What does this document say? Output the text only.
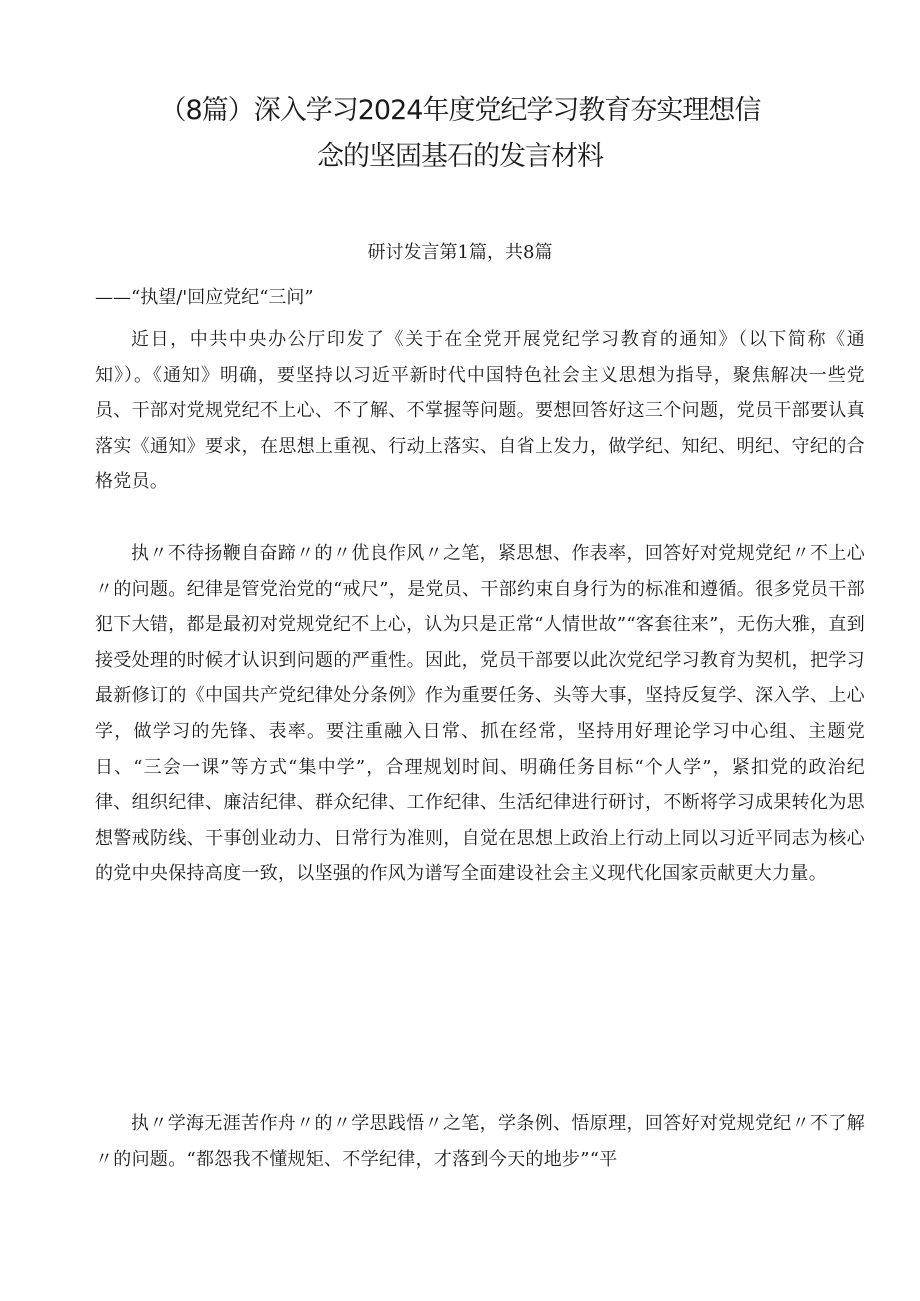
（8篇）深入学习2024年度党纪学习教育夯实理想信
念的坚固基石的发言材料

研讨发言第1篇，共8篇

——“执望/'回应党纪“三问”

近日，中共中央办公厅印发了《关于在全党开展党纪学习教育的通知》（以下简称《通知》）。《通知》明确，要坚持以习近平新时代中国特色社会主义思想为指导，聚焦解决一些党员、干部对党规党纪不上心、不了解、不掌握等问题。要想回答好这三个问题，党员干部要认真落实《通知》要求，在思想上重视、行动上落实、自省上发力，做学纪、知纪、明纪、守纪的合格党员。

执〃不待扬鞭自奋蹄〃的〃优良作风〃之笔，紧思想、作表率，回答好对党规党纪〃不上心〃的问题。纪律是管党治党的“戒尺”，是党员、干部约束自身行为的标准和遵循。很多党员干部犯下大错，都是最初对党规党纪不上心，认为只是正常“人情世故”“客套往来”，无伤大雅，直到接受处理的时候才认识到问题的严重性。因此，党员干部要以此次党纪学习教育为契机，把学习最新修订的《中国共产党纪律处分条例》作为重要任务、头等大事，坚持反复学、深入学、上心学，做学习的先锋、表率。要注重融入日常、抓在经常，坚持用好理论学习中心组、主题党日、“三会一课”等方式“集中学”，合理规划时间、明确任务目标“个人学”，紧扣党的政治纪律、组织纪律、廉洁纪律、群众纪律、工作纪律、生活纪律进行研讨，不断将学习成果转化为思想警戒防线、干事创业动力、日常行为准则，自觉在思想上政治上行动上同以习近平同志为核心的党中央保持高度一致，以坚强的作风为谱写全面建设社会主义现代化国家贡献更大力量。

执〃学海无涯苦作舟〃的〃学思践悟〃之笔，学条例、悟原理，回答好对党规党纪〃不了解〃的问题。“都怨我不懂规矩、不学纪律，才落到今天的地步”“平
